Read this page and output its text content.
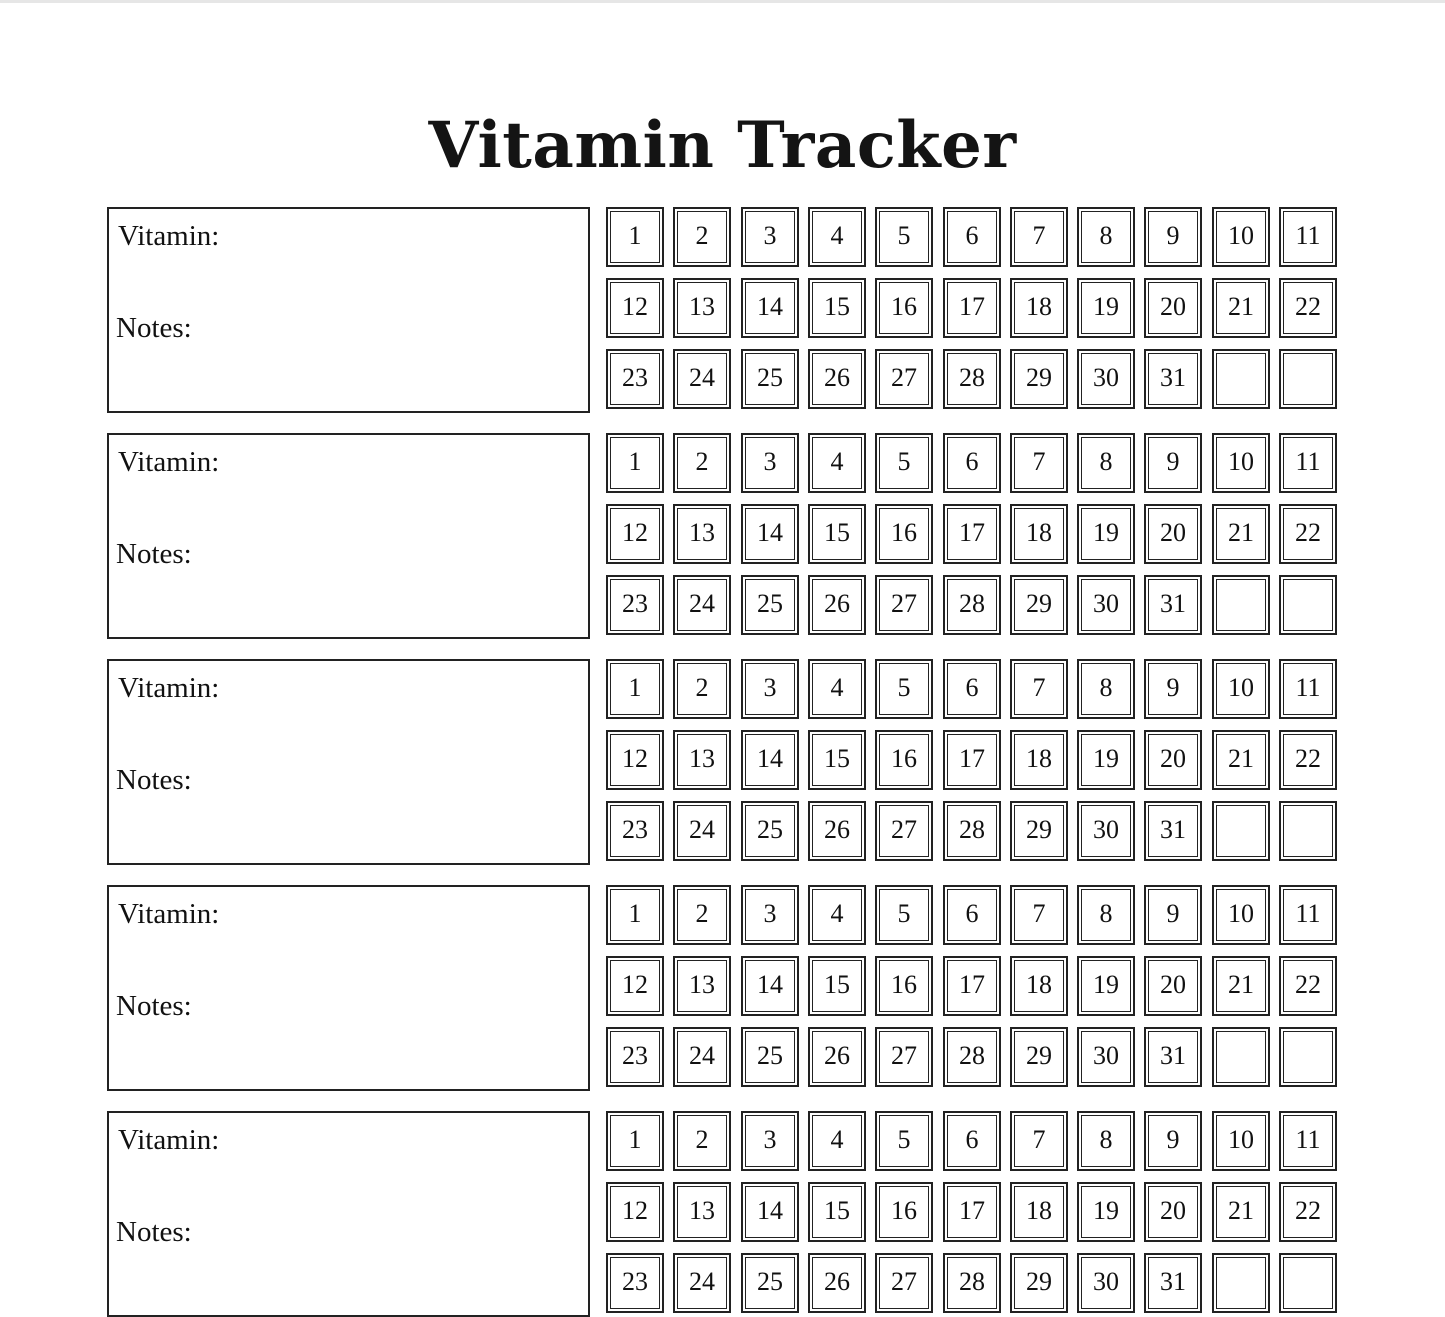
Vitamin Tracker
Vitamin:
Notes:
1	2	3	4	5	6	7	8	9	10	11
12	13	14	15	16	17	18	19	20	21	22
23	24	25	26	27	28	29	30	31
Vitamin:
Notes:
1	2	3	4	5	6	7	8	9	10	11
12	13	14	15	16	17	18	19	20	21	22
23	24	25	26	27	28	29	30	31
Vitamin:
Notes:
1	2	3	4	5	6	7	8	9	10	11
12	13	14	15	16	17	18	19	20	21	22
23	24	25	26	27	28	29	30	31
Vitamin:
Notes:
1	2	3	4	5	6	7	8	9	10	11
12	13	14	15	16	17	18	19	20	21	22
23	24	25	26	27	28	29	30	31
Vitamin:
Notes:
1	2	3	4	5	6	7	8	9	10	11
12	13	14	15	16	17	18	19	20	21	22
23	24	25	26	27	28	29	30	31
